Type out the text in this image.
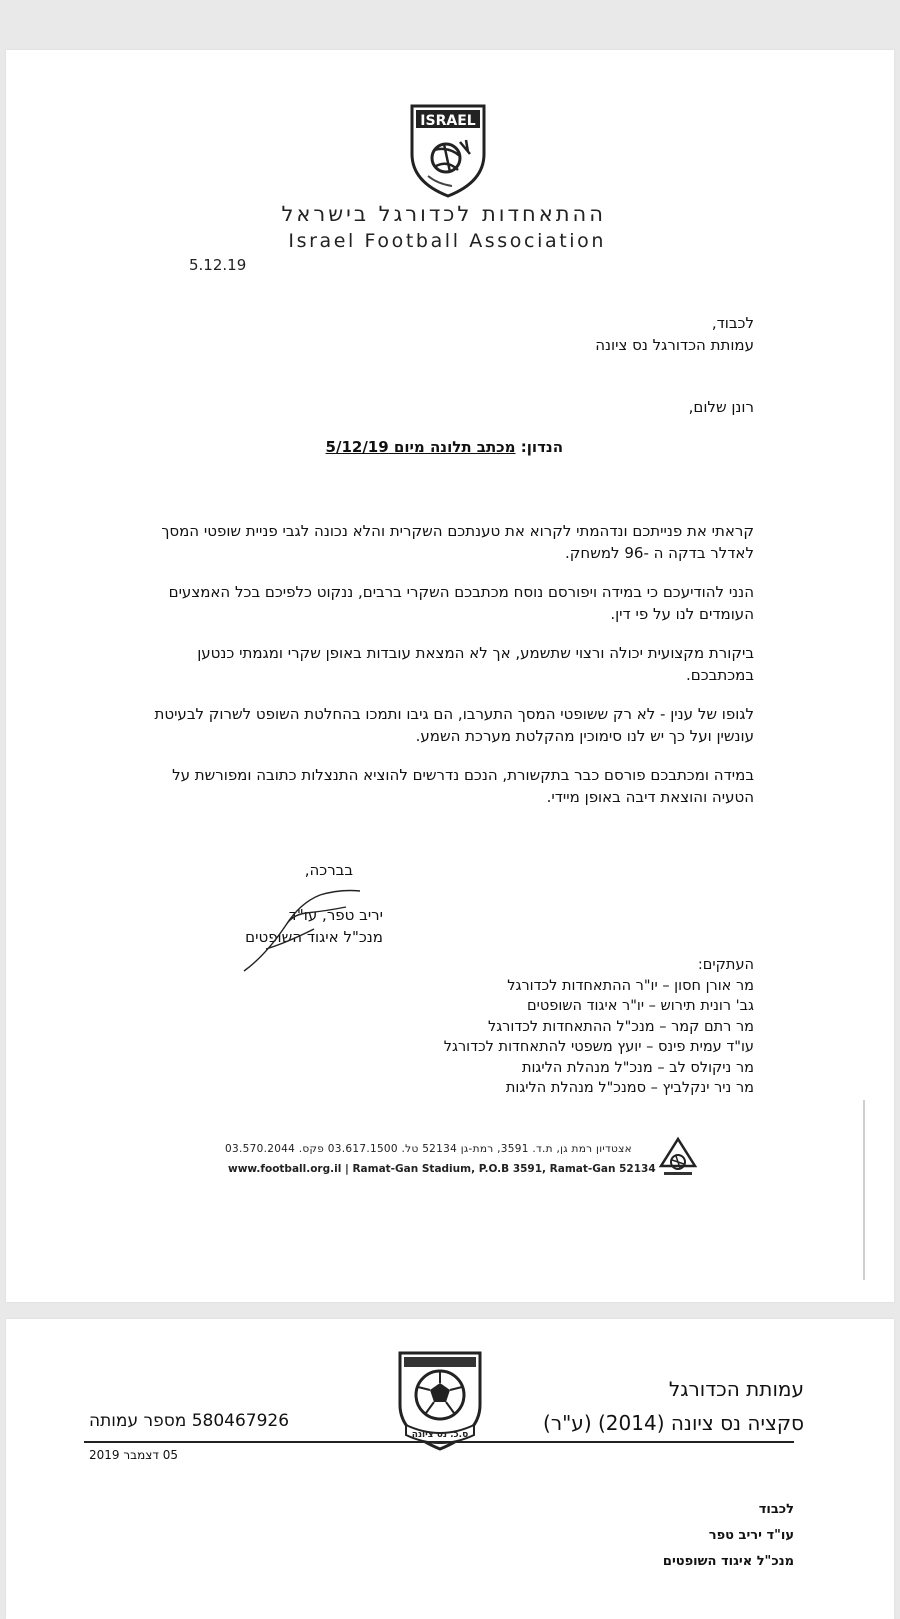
ISRAEL
ההתאחדות לכדורגל בישראל
Israel Football Association
5.12.19
לכבוד,
עמותת הכדורגל נס ציונה
רונן שלום,
הנדון: מכתב תלונה מיום 5/12/19
קראתי את פנייתכם ונדהמתי לקרוא את טענתכם השקרית והלא נכונה לגבי פניית שופטי המסך לאדלר בדקה ה -96 למשחק.
הנני להודיעכם כי במידה ויפורסם נוסח מכתבכם השקרי ברבים, ננקוט כלפיכם בכל האמצעים העומדים לנו על פי דין.
ביקורת מקצועית יכולה ורצוי שתשמע, אך לא המצאת עובדות באופן שקרי ומגמתי כנטען במכתבכם.
לגופו של ענין - לא רק ששופטי המסך התערבו, הם גיבו ותמכו בהחלטת השופט לשרוק לבעיטת עונשין ועל כך יש לנו סימוכין מהקלטת מערכת השמע.
במידה ומכתבכם פורסם כבר בתקשורת, הנכם נדרשים להוציא התנצלות כתובה ומפורשת על הטעיה והוצאת דיבה באופן מיידי.
בברכה,
יריב טפר, עו"ד
מנכ"ל איגוד השופטים
העתקים:
מר אורן חסון – יו"ר ההתאחדות לכדורגל
גב' רונית תירוש – יו"ר איגוד השופטים
מר רתם קמר – מנכ"ל ההתאחדות לכדורגל
עו"ד עמית פינס – יועץ משפטי להתאחדות לכדורגל
מר ניקולס לב – מנכ"ל מנהלת הליגות
מר ניר ינקלביץ – סמנכ"ל מנהלת הליגות
אצטדיון רמת גן, ת.ד. 3591, רמת-גן 52134 טל. 03.617.1500 פקס. 03.570.2044
www.football.org.il | Ramat-Gan Stadium, P.O.B 3591, Ramat-Gan 52134
ס.כ. נס ציונה
עמותת הכדורגל
סקציה נס ציונה (2014) (ע"ר)
580467926 מספר עמותה
05 דצמבר 2019
לכבוד
עו"ד יריב טפר
מנכ"ל איגוד השופטים
